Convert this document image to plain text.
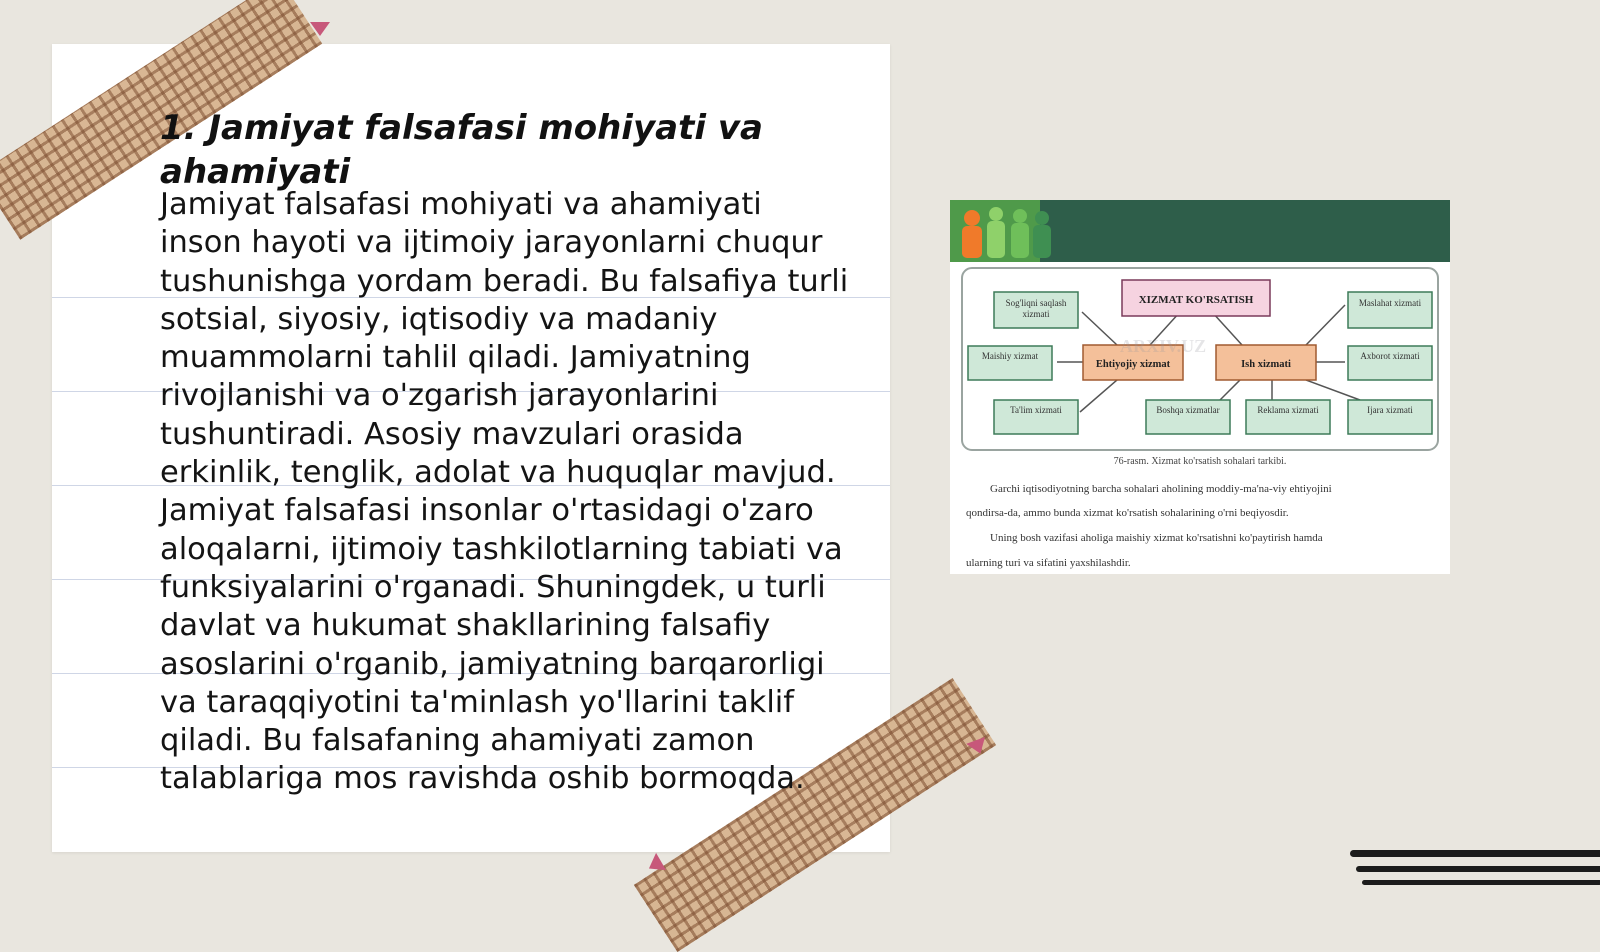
1. Jamiyat falsafasi mohiyati va ahamiyati

Jamiyat falsafasi mohiyati va ahamiyati inson hayoti va ijtimoiy jarayonlarni chuqur tushunishga yordam beradi. Bu falsafiya turli sotsial, siyosiy, iqtisodiy va madaniy muammolarni tahlil qiladi. Jamiyatning rivojlanishi va o'zgarish jarayonlarini tushuntiradi. Asosiy mavzulari orasida erkinlik, tenglik, adolat va huquqlar mavjud. Jamiyat falsafasi insonlar o'rtasidagi o'zaro aloqalarni, ijtimoiy tashkilotlarning tabiati va funksiyalarini o'rganadi. Shuningdek, u turli davlat va hukumat shakllarining falsafiy asoslarini o'rganib, jamiyatning barqarorligi va taraqqiyotini ta'minlash yo'llarini taklif qiladi. Bu falsafaning ahamiyati zamon talablariga mos ravishda oshib bormoqda.

XIZMAT KO'RSATISH
Ehtiyojiy xizmat	Ish xizmati
Sog'liqni saqlash xizmati
Maishiy xizmat
Ta'lim xizmati
Maslahat xizmati
Axborot xizmati
Boshqa xizmatlar	Reklama xizmati	Ijara xizmati
ARXIV.UZ
76-rasm. Xizmat ko'rsatish sohalari tarkibi.
Garchi iqtisodiyotning barcha sohalari aholining moddiy-ma'na-viy ehtiyojini
qondirsa-da, ammo bunda xizmat ko'rsatish sohalarining o'rni beqiyosdir.
Uning bosh vazifasi aholiga maishiy xizmat ko'rsatishni ko'paytirish hamda
ularning turi va sifatini yaxshilashdir.
